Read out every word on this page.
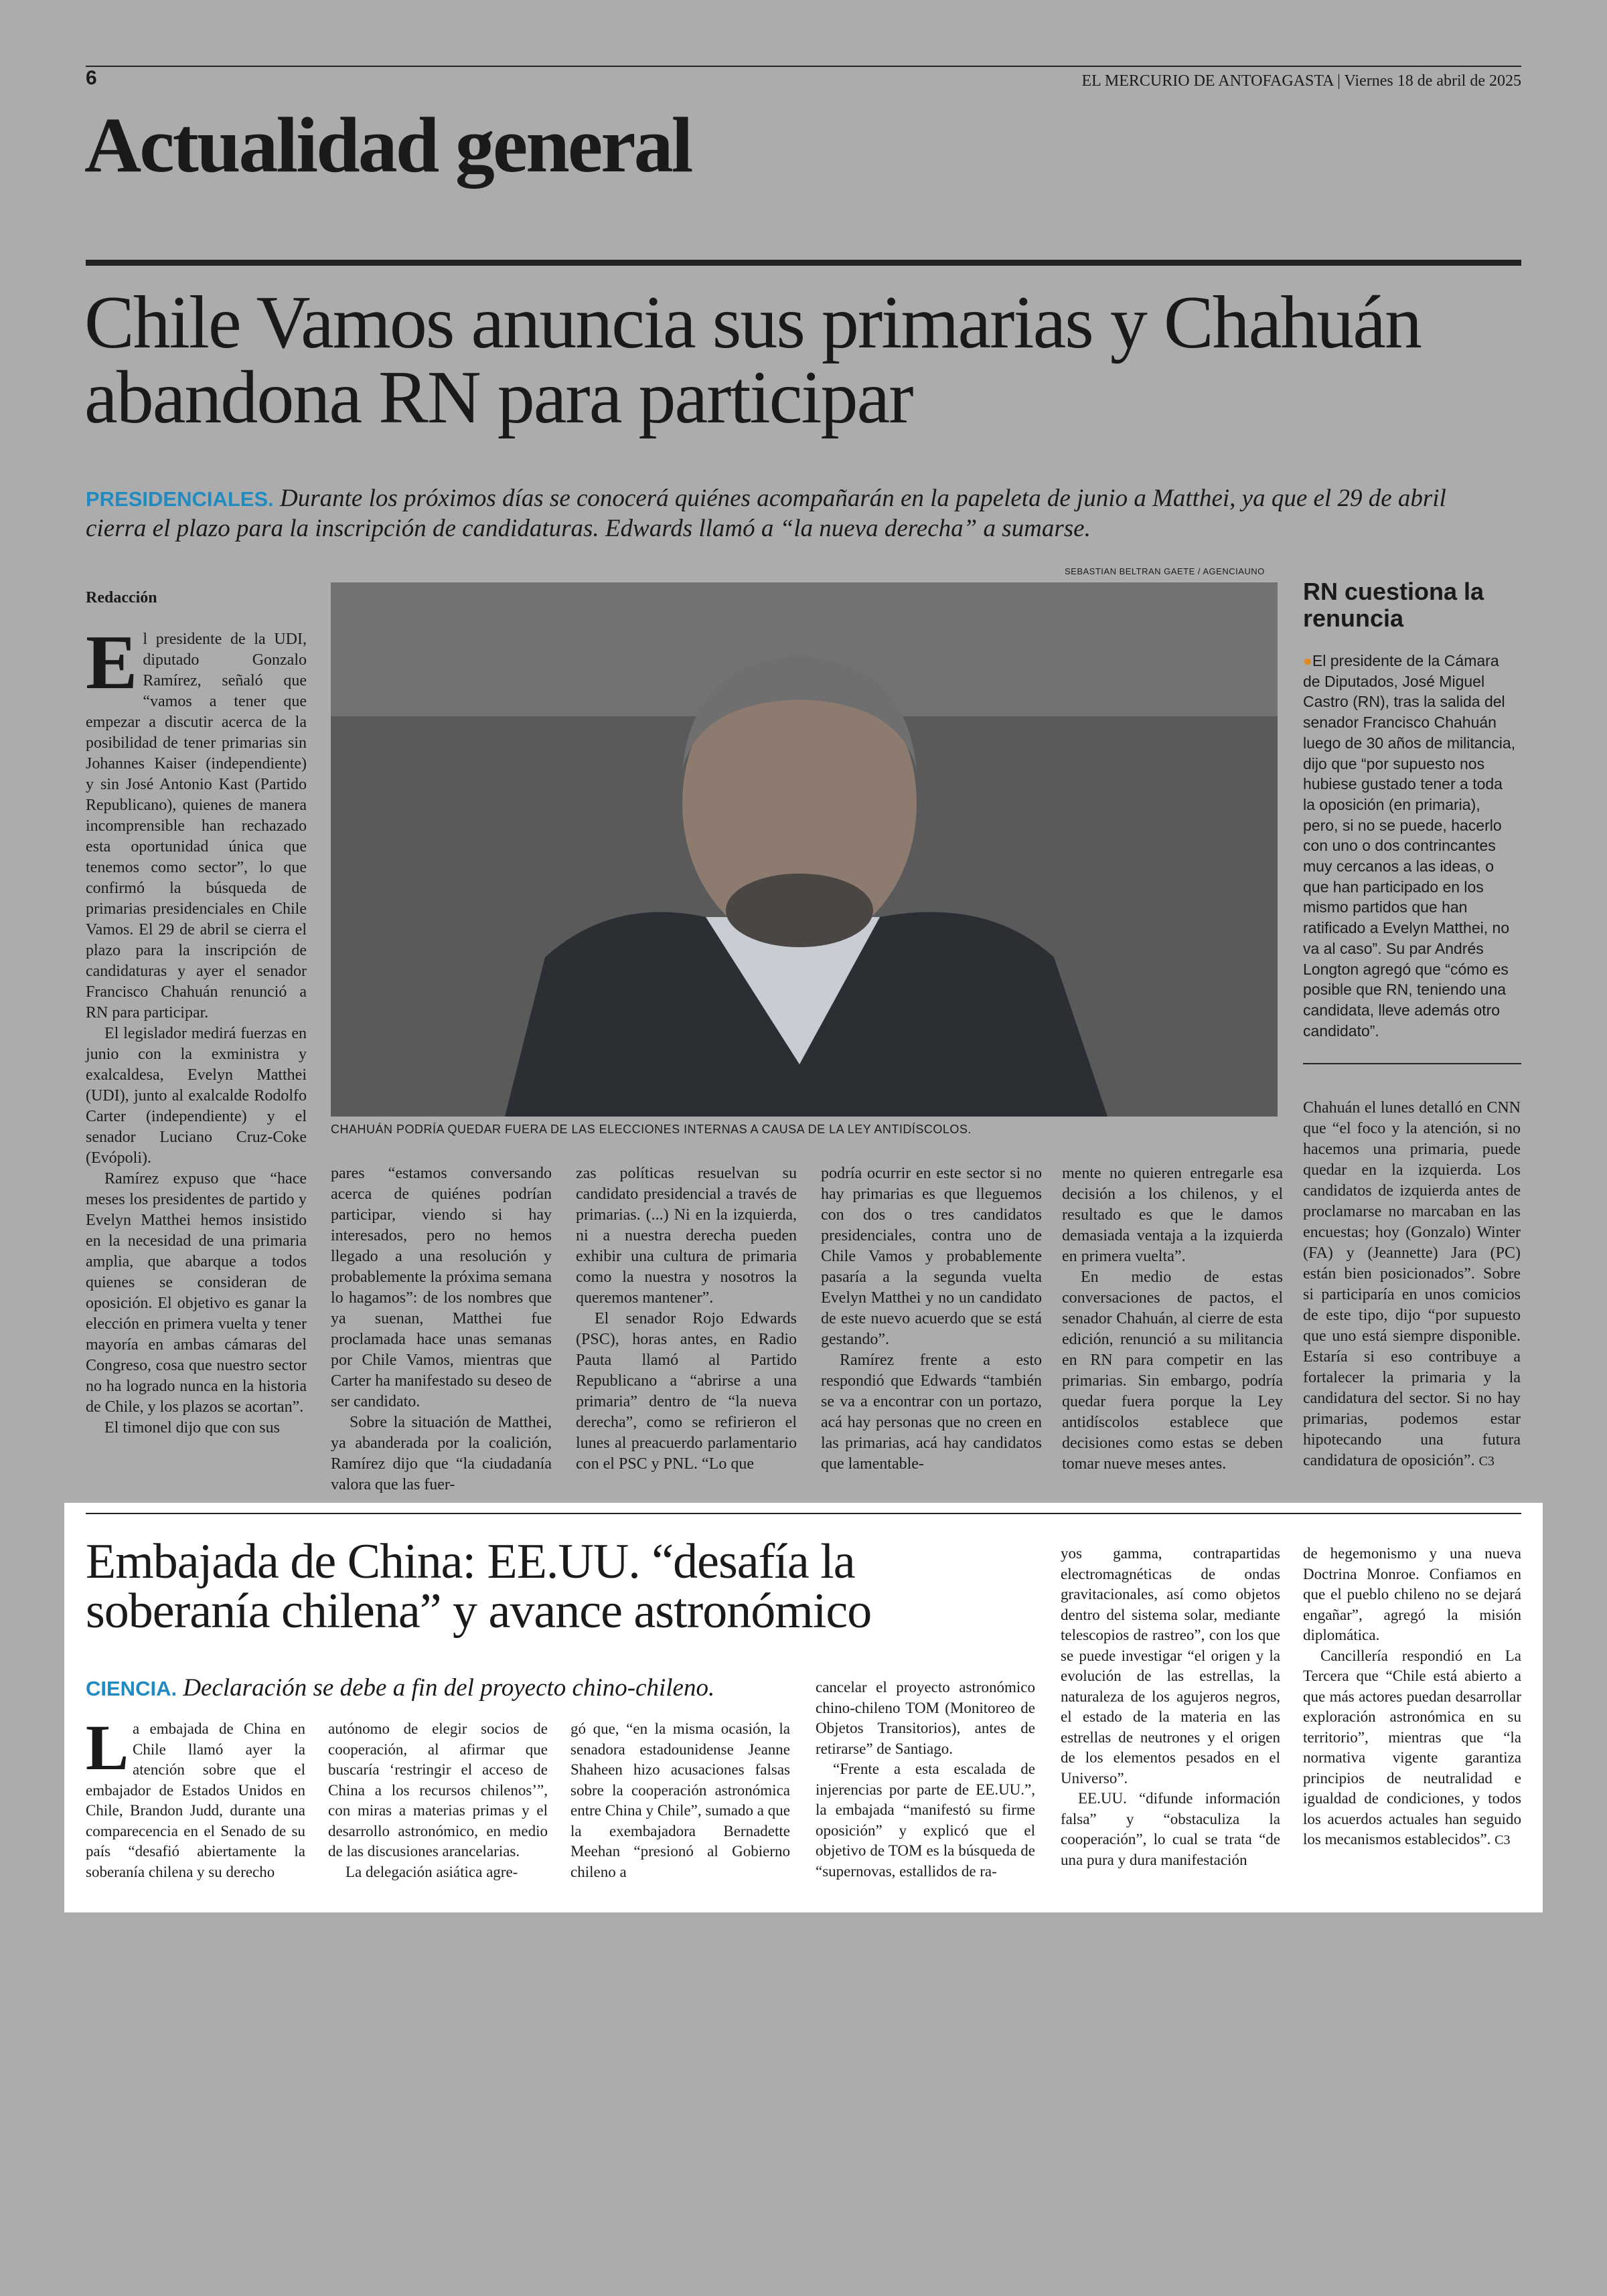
6	EL MERCURIO DE ANTOFAGASTA | Viernes 18 de abril de 2025
Actualidad general
Chile Vamos anuncia sus primarias y Chahuán abandona RN para participar
PRESIDENCIALES. Durante los próximos días se conocerá quiénes acompañarán en la papeleta de junio a Matthei, ya que el 29 de abril cierra el plazo para la inscripción de candidaturas. Edwards llamó a “la nueva derecha” a sumarse.
SEBASTIAN BELTRAN GAETE / AGENCIAUNO
CHAHUÁN PODRÍA QUEDAR FUERA DE LAS ELECCIONES INTERNAS A CAUSA DE LA LEY ANTIDÍSCOLOS.
Redacción

El presidente de la UDI, diputado Gonzalo Ramírez, señaló que “vamos a tener que empezar a discutir acerca de la posibilidad de tener primarias sin Johannes Kaiser (independiente) y sin José Antonio Kast (Partido Republicano), quienes de manera incomprensible han rechazado esta oportunidad única que tenemos como sector”, lo que confirmó la búsqueda de primarias presidenciales en Chile Vamos. El 29 de abril se cierra el plazo para la inscripción de candidaturas y ayer el senador Francisco Chahuán renunció a RN para participar.

El legislador medirá fuerzas en junio con la exministra y exalcaldesa, Evelyn Matthei (UDI), junto al exalcalde Rodolfo Carter (independiente) y el senador Luciano Cruz-Coke (Evópoli).

Ramírez expuso que “hace meses los presidentes de partido y Evelyn Matthei hemos insistido en la necesidad de una primaria amplia, que abarque a todos quienes se consideran de oposición. El objetivo es ganar la elección en primera vuelta y tener mayoría en ambas cámaras del Congreso, cosa que nuestro sector no ha logrado nunca en la historia de Chile, y los plazos se acortan”.

El timonel dijo que con sus

pares “estamos conversando acerca de quiénes podrían participar, viendo si hay interesados, pero no hemos llegado a una resolución y probablemente la próxima semana lo hagamos”: de los nombres que ya suenan, Matthei fue proclamada hace unas semanas por Chile Vamos, mientras que Carter ha manifestado su deseo de ser candidato.

Sobre la situación de Matthei, ya abanderada por la coalición, Ramírez dijo que “la ciudadanía valora que las fuer-

zas políticas resuelvan su candidato presidencial a través de primarias. (...) Ni en la izquierda, ni a nuestra derecha pueden exhibir una cultura de primaria como la nuestra y nosotros la queremos mantener”.

El senador Rojo Edwards (PSC), horas antes, en Radio Pauta llamó al Partido Republicano a “abrirse a una primaria” dentro de “la nueva derecha”, como se refirieron el lunes al preacuerdo parlamentario con el PSC y PNL. “Lo que

podría ocurrir en este sector si no hay primarias es que lleguemos con dos o tres candidatos presidenciales, contra uno de Chile Vamos y probablemente pasaría a la segunda vuelta Evelyn Matthei y no un candidato de este nuevo acuerdo que se está gestando”.

Ramírez frente a esto respondió que Edwards “también se va a encontrar con un portazo, acá hay personas que no creen en las primarias, acá hay candidatos que lamentable-

mente no quieren entregarle esa decisión a los chilenos, y el resultado es que le damos demasiada ventaja a la izquierda en primera vuelta”.

En medio de estas conversaciones de pactos, el senador Chahuán, al cierre de esta edición, renunció a su militancia en RN para competir en las primarias. Sin embargo, podría quedar fuera porque la Ley antidíscolos establece que decisiones como estas se deben tomar nueve meses antes.

Chahuán el lunes detalló en CNN que “el foco y la atención, si no hacemos una primaria, puede quedar en la izquierda. Los candidatos de izquierda antes de proclamarse no marcaban en las encuestas; hoy (Gonzalo) Winter (FA) y (Jeannette) Jara (PC) están bien posicionados”. Sobre si participaría en unos comicios de este tipo, dijo “por supuesto que uno está siempre disponible. Estaría si eso contribuye a fortalecer la primaria y la candidatura del sector. Si no hay primarias, podemos estar hipotecando una futura candidatura de oposición”. C3

RN cuestiona la renuncia

●El presidente de la Cámara de Diputados, José Miguel Castro (RN), tras la salida del senador Francisco Chahuán luego de 30 años de militancia, dijo que “por supuesto nos hubiese gustado tener a toda la oposición (en primaria), pero, si no se puede, hacerlo con uno o dos contrincantes muy cercanos a las ideas, o que han participado en los mismo partidos que han ratificado a Evelyn Matthei, no va al caso”. Su par Andrés Longton agregó que “cómo es posible que RN, teniendo una candidata, lleve además otro candidato”.

Embajada de China: EE.UU. “desafía la soberanía chilena” y avance astronómico
CIENCIA. Declaración se debe a fin del proyecto chino-chileno.

La embajada de China en Chile llamó ayer la atención sobre que el embajador de Estados Unidos en Chile, Brandon Judd, durante una comparecencia en el Senado de su país “desafió abiertamente la soberanía chilena y su derecho

autónomo de elegir socios de cooperación, al afirmar que buscaría ‘restringir el acceso de China a los recursos chilenos’”, con miras a materias primas y el desarrollo astronómico, en medio de las discusiones arancelarias.

La delegación asiática agre-

gó que, “en la misma ocasión, la senadora estadounidense Jeanne Shaheen hizo acusaciones falsas sobre la cooperación astronómica entre China y Chile”, sumado a que la exembajadora Bernadette Meehan “presionó al Gobierno chileno a

cancelar el proyecto astronómico chino-chileno TOM (Monitoreo de Objetos Transitorios), antes de retirarse” de Santiago.

“Frente a esta escalada de injerencias por parte de EE.UU.”, la embajada “manifestó su firme oposición” y explicó que el objetivo de TOM es la búsqueda de “supernovas, estallidos de ra-

yos gamma, contrapartidas electromagnéticas de ondas gravitacionales, así como objetos dentro del sistema solar, mediante telescopios de rastreo”, con los que se puede investigar “el origen y la evolución de las estrellas, la naturaleza de los agujeros negros, el estado de la materia en las estrellas de neutrones y el origen de los elementos pesados en el Universo”.

EE.UU. “difunde información falsa” y “obstaculiza la cooperación”, lo cual se trata “de una pura y dura manifestación

de hegemonismo y una nueva Doctrina Monroe. Confiamos en que el pueblo chileno no se dejará engañar”, agregó la misión diplomática.

Cancillería respondió en La Tercera que “Chile está abierto a que más actores puedan desarrollar exploración astronómica en su territorio”, mientras que “la normativa vigente garantiza principios de neutralidad e igualdad de condiciones, y todos los acuerdos actuales han seguido los mecanismos establecidos”. C3
